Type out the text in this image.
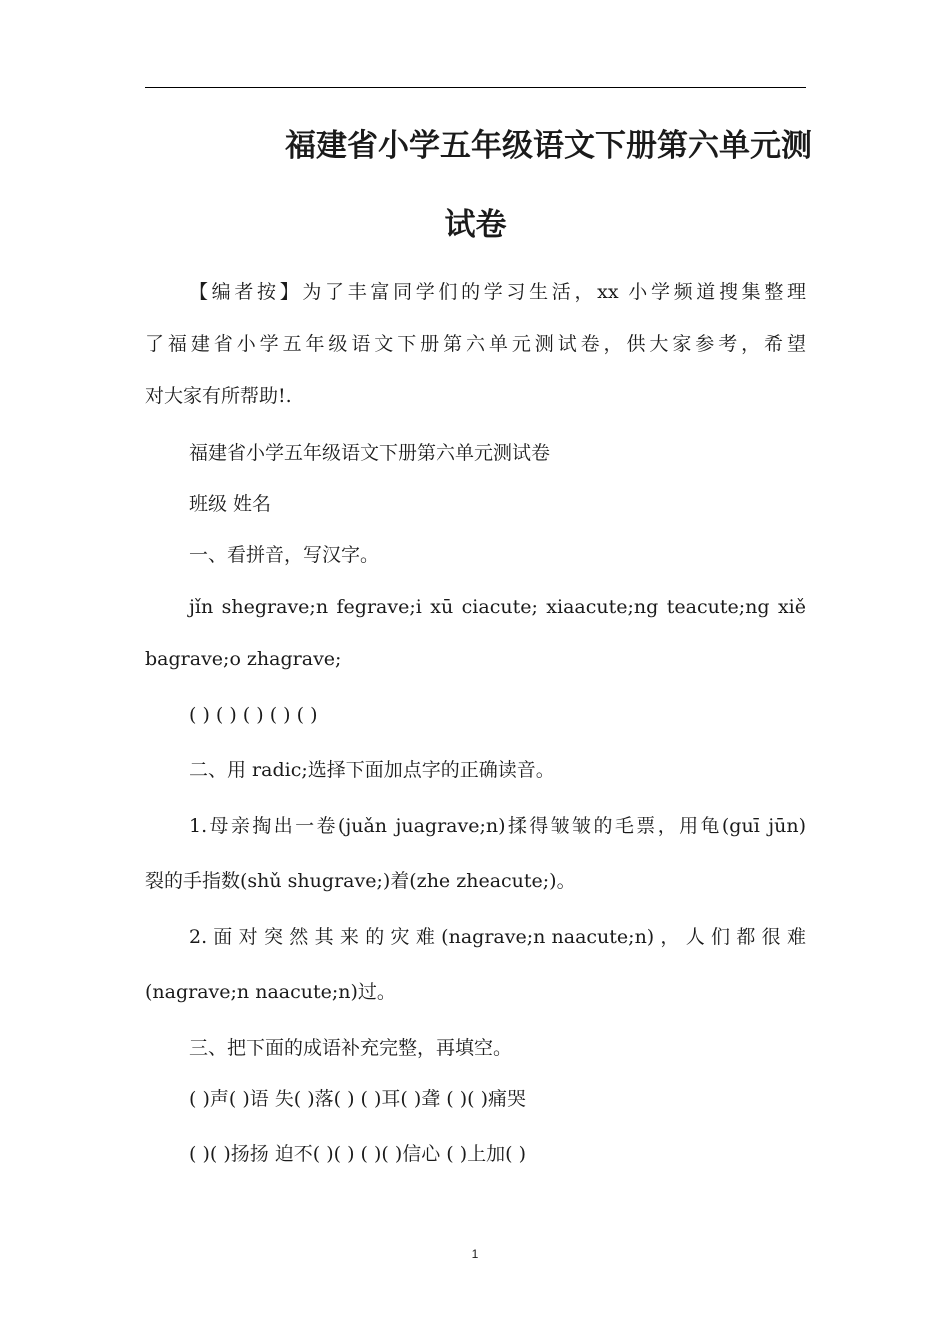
福建省小学五年级语文下册第六单元测
试卷
【编者按】为了丰富同学们的学习生活，xx 小学频道搜集整理
了福建省小学五年级语文下册第六单元测试卷，供大家参考，希望
对大家有所帮助!.
福建省小学五年级语文下册第六单元测试卷
班级 姓名
一、看拼音，写汉字。
jǐn shegrave;n fegrave;i xū ciacute; xiaacute;ng teacute;ng xiě
bagrave;o zhagrave;
( ) ( ) ( ) ( ) ( )
二、用 radic;选择下面加点字的正确读音。
1.母亲掏出一卷(juǎn juagrave;n)揉得皱皱的毛票，用龟(guī jūn)
裂的手指数(shǔ shugrave;)着(zhe zheacute;)。
2. 面 对 突 然 其 来 的 灾 难 (nagrave;n naacute;n) ， 人 们 都 很 难
(nagrave;n naacute;n)过。
三、把下面的成语补充完整，再填空。
( )声( )语 失( )落( ) ( )耳( )聋 ( )( )痛哭
( )( )扬扬 迫不( )( ) ( )( )信心 ( )上加( )
1
